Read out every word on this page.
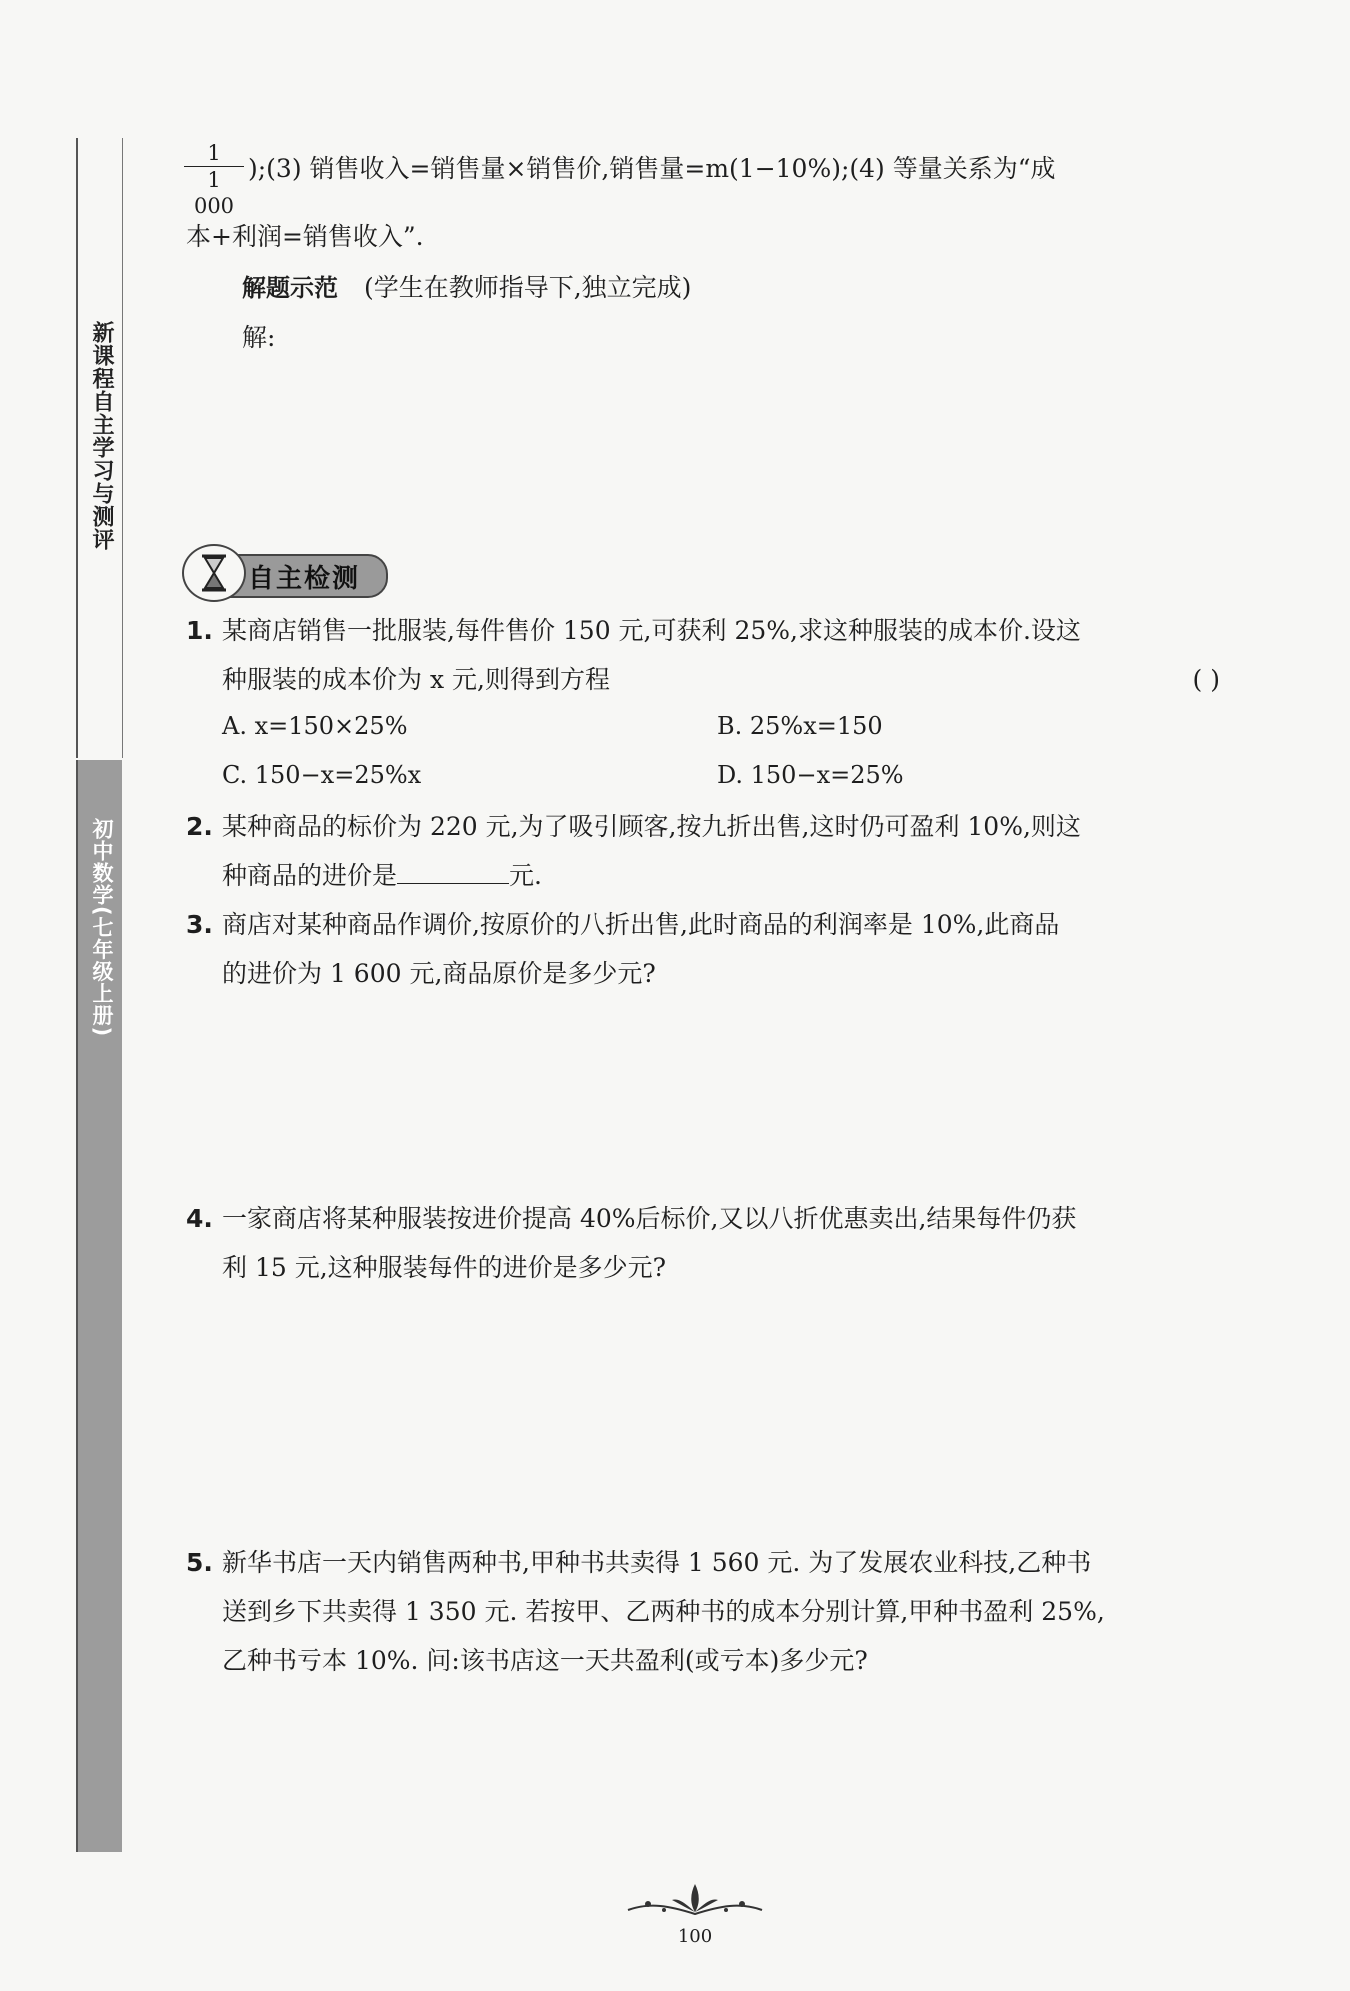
新课程自主学习与测评
初中数学(七年级上册)
$\frac{1}{1 000}$ );(3) 销售收入=销售量×销售价,销售量=m(1−10%);(4) 等量关系为“成
本+利润=销售收入”.
解题示范 (学生在教师指导下,独立完成)
解:
自主检测

1. 某商店销售一批服装,每件售价 150 元,可获利 25%,求这种服装的成本价.设这

种服装的成本价为 x 元,则得到方程	( )

A. x=150×25%	B. 25%x=150
C. 150−x=25%x	D. 150−x=25%

2. 某种商品的标价为 220 元,为了吸引顾客,按九折出售,这时仍可盈利 10%,则这

种商品的进价是	元.

3. 商店对某种商品作调价,按原价的八折出售,此时商品的利润率是 10%,此商品

的进价为 1 600 元,商品原价是多少元?

4. 一家商店将某种服装按进价提高 40%后标价,又以八折优惠卖出,结果每件仍获

利 15 元,这种服装每件的进价是多少元?

5. 新华书店一天内销售两种书,甲种书共卖得 1 560 元. 为了发展农业科技,乙种书

送到乡下共卖得 1 350 元. 若按甲、乙两种书的成本分别计算,甲种书盈利 25%,

乙种书亏本 10%. 问:该书店这一天共盈利(或亏本)多少元?

100
